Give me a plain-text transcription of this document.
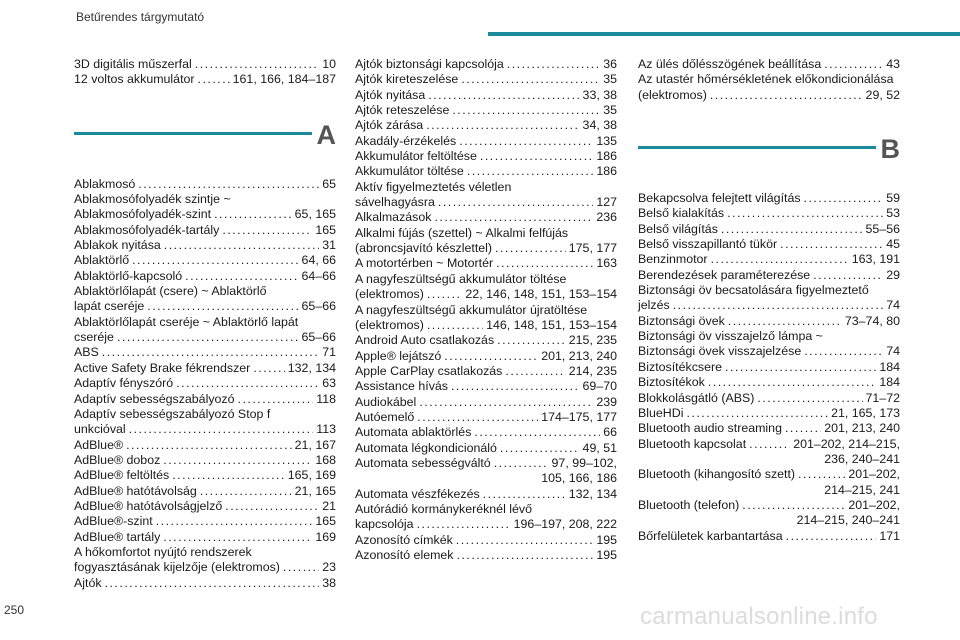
Betűrendes tárgymutató
3D digitális műszerfal .....	10
12 voltos akkumulátor .....	161, 166, 184–187
A
Ablakmosó .....	65
Ablakmosófolyadék szintje ~
Ablakmosófolyadék-szint .....	65, 165
Ablakmosófolyadék-tartály .....	165
Ablakok nyitása .....	31
Ablaktörlő .....	64, 66
Ablaktörlő-kapcsoló .....	64–66
Ablaktörlőlapát (csere) ~ Ablaktörlő
lapát cseréje .....	65–66
Ablaktörlőlapát cseréje ~ Ablaktörlő lapát
cseréje .....	65–66
ABS .....	71
Active Safety Brake fékrendszer .....	132, 134
Adaptív fényszóró .....	63
Adaptív sebességszabályozó .....	118
Adaptív sebességszabályozó Stop f
unkcióval .....	113
AdBlue® .....	21, 167
AdBlue® doboz .....	168
AdBlue® feltöltés .....	165, 169
AdBlue® hatótávolság .....	21, 165
AdBlue® hatótávolságjelző .....	21
AdBlue®-szint .....	165
AdBlue® tartály .....	169
A hőkomfortot nyújtó rendszerek
fogyasztásának kijelzője (elektromos) .....	23
Ajtók .....	38
Ajtók biztonsági kapcsolója .....	36
Ajtók kireteszelése .....	35
Ajtók nyitása .....	33, 38
Ajtók reteszelése .....	35
Ajtók zárása .....	34, 38
Akadály-érzékelés .....	135
Akkumulátor feltöltése .....	186
Akkumulátor töltése .....	186
Aktív figyelmeztetés véletlen
sávelhagyásra .....	127
Alkalmazások .....	236
Alkalmi fújás (szettel) ~ Alkalmi felfújás
(abroncsjavító készlettel) .....	175, 177
A motortérben ~ Motortér .....	163
A nagyfeszültségű akkumulátor töltése
(elektromos) .....	22, 146, 148, 151, 153–154
A nagyfeszültségű akkumulátor újratöltése
(elektromos) .....	146, 148, 151, 153–154
Android Auto csatlakozás .....	215, 235
Apple® lejátszó .....	201, 213, 240
Apple CarPlay csatlakozás .....	214, 235
Assistance hívás .....	69–70
Audiokábel .....	239
Autóemelő .....	174–175, 177
Automata ablaktörlés .....	66
Automata légkondicionáló .....	49, 51
Automata sebességváltó .....	97, 99–102,
105, 166, 186
Automata vészfékezés .....	132, 134
Autórádió kormánykeréknél lévő
kapcsolója .....	196–197, 208, 222
Azonosító címkék .....	195
Azonosító elemek .....	195
Az ülés dőlésszögének beállítása .....	43
Az utastér hőmérsékletének előkondicionálása
(elektromos) .....	29, 52
B
Bekapcsolva felejtett világítás .....	59
Belső kialakítás .....	53
Belső világítás .....	55–56
Belső visszapillantó tükör .....	45
Benzinmotor .....	163, 191
Berendezések paraméterezése .....	29
Biztonsági öv becsatolására figyelmeztető
jelzés .....	74
Biztonsági övek .....	73–74, 80
Biztonsági öv visszajelző lámpa ~
Biztonsági övek visszajelzése .....	74
Biztosítékcsere .....	184
Biztosítékok .....	184
Blokkolásgátló (ABS) .....	71–72
BlueHDi .....	21, 165, 173
Bluetooth audio streaming .....	201, 213, 240
Bluetooth kapcsolat .....	201–202, 214–215,
236, 240–241
Bluetooth (kihangosító szett) .....	201–202,
214–215, 241
Bluetooth (telefon) .....	201–202,
214–215, 240–241
Bőrfelületek karbantartása .....	171
250	carmanualsonline.info
